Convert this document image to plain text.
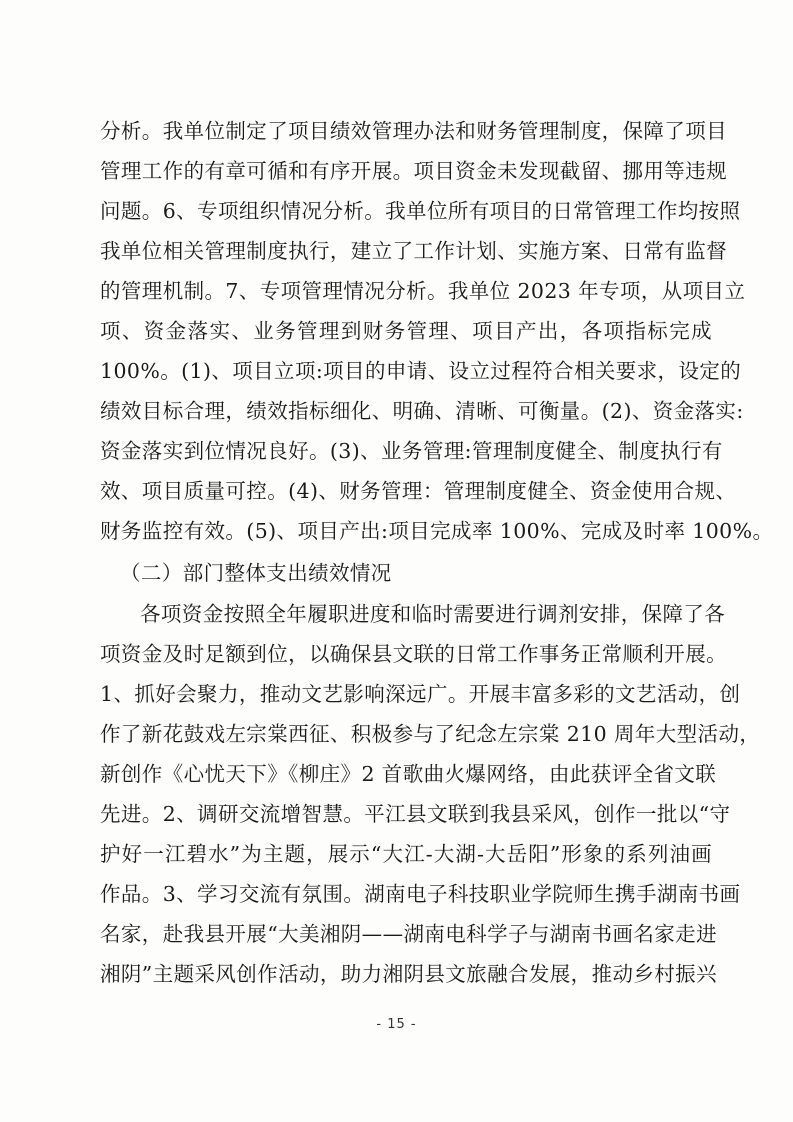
分析。我单位制定了项目绩效管理办法和财务管理制度，保障了项目
管理工作的有章可循和有序开展。项目资金未发现截留、挪用等违规
问题。6、专项组织情况分析。我单位所有项目的日常管理工作均按照
我单位相关管理制度执行，建立了工作计划、实施方案、日常有监督
的管理机制。7、专项管理情况分析。我单位 2023 年专项，从项目立
项、资金落实、业务管理到财务管理、项目产出，各项指标完成
100%。(1)、项目立项:项目的申请、设立过程符合相关要求，设定的
绩效目标合理，绩效指标细化、明确、清晰、可衡量。(2)、资金落实:
资金落实到位情况良好。(3)、业务管理:管理制度健全、制度执行有
效、项目质量可控。(4)、财务管理：管理制度健全、资金使用合规、
财务监控有效。(5)、项目产出:项目完成率 100%、完成及时率 100%。
（二）部门整体支出绩效情况
各项资金按照全年履职进度和临时需要进行调剂安排，保障了各
项资金及时足额到位，以确保县文联的日常工作事务正常顺利开展。
1、抓好会聚力，推动文艺影响深远广。开展丰富多彩的文艺活动，创
作了新花鼓戏左宗棠西征、积极参与了纪念左宗棠 210 周年大型活动，
新创作《心忧天下》《柳庄》2 首歌曲火爆网络，由此获评全省文联
先进。2、调研交流增智慧。平江县文联到我县采风，创作一批以“守
护好一江碧水”为主题，展示“大江-大湖-大岳阳”形象的系列油画
作品。3、学习交流有氛围。湖南电子科技职业学院师生携手湖南书画
名家，赴我县开展“大美湘阴——湖南电科学子与湖南书画名家走进
湘阴”主题采风创作活动，助力湘阴县文旅融合发展，推动乡村振兴
- 15 -
